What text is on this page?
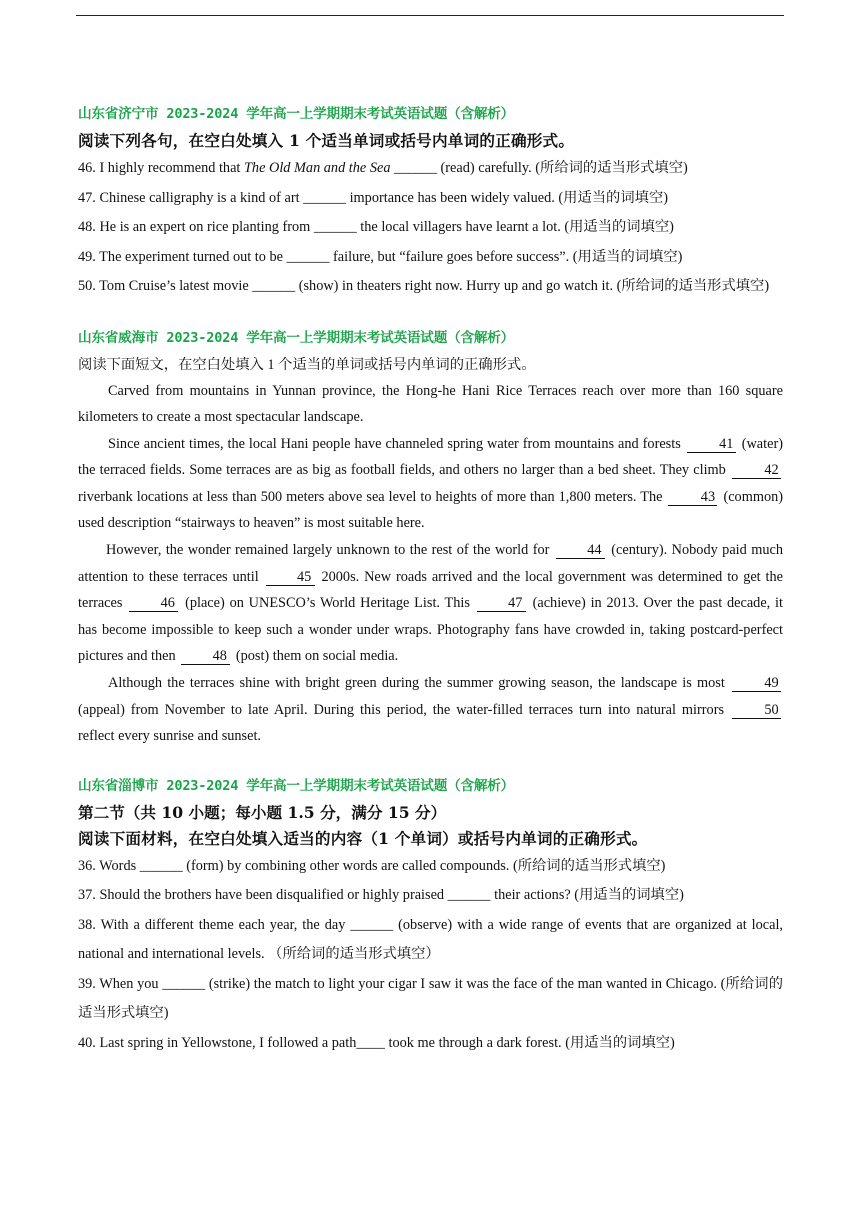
山东省济宁市 2023-2024 学年高一上学期期末考试英语试题（含解析）
阅读下列各句，在空白处填入 1 个适当单词或括号内单词的正确形式。
46. I highly recommend that The Old Man and the Sea ______ (read) carefully. (所给词的适当形式填空)
47. Chinese calligraphy is a kind of art ______ importance has been widely valued. (用适当的词填空)
48. He is an expert on rice planting from ______ the local villagers have learnt a lot. (用适当的词填空)
49. The experiment turned out to be ______ failure, but “failure goes before success”. (用适当的词填空)
50. Tom Cruise’s latest movie ______ (show) in theaters right now. Hurry up and go watch it. (所给词的适当形式填空)
山东省威海市 2023-2024 学年高一上学期期末考试英语试题（含解析）
阅读下面短文，在空白处填入 1 个适当的单词或括号内单词的正确形式。
Carved from mountains in Yunnan province, the Hong-he Hani Rice Terraces reach over more than 160 square kilometers to create a most spectacular landscape.
Since ancient times, the local Hani people have channeled spring water from mountains and forests 41 (water) the terraced fields. Some terraces are as big as football fields, and others no larger than a bed sheet. They climb 42 riverbank locations at less than 500 meters above sea level to heights of more than 1,800 meters. The 43 (common) used description “stairways to heaven” is most suitable here.
However, the wonder remained largely unknown to the rest of the world for 44 (century). Nobody paid much attention to these terraces until 45 2000s. New roads arrived and the local government was determined to get the terraces 46 (place) on UNESCO’s World Heritage List. This 47 (achieve) in 2013. Over the past decade, it has become impossible to keep such a wonder under wraps. Photography fans have crowded in, taking postcard-perfect pictures and then 48 (post) them on social media.
Although the terraces shine with bright green during the summer growing season, the landscape is most 49 (appeal) from November to late April. During this period, the water-filled terraces turn into natural mirrors 50 reflect every sunrise and sunset.
山东省淄博市 2023-2024 学年高一上学期期末考试英语试题（含解析）
第二节（共 10 小题；每小题 1.5 分，满分 15 分）
阅读下面材料，在空白处填入适当的内容（1 个单词）或括号内单词的正确形式。
36. Words ______ (form) by combining other words are called compounds. (所给词的适当形式填空)
37. Should the brothers have been disqualified or highly praised ______ their actions? (用适当的词填空)
38. With a different theme each year, the day ______ (observe) with a wide range of events that are organized at local, national and international levels. （所给词的适当形式填空）
39. When you ______ (strike) the match to light your cigar I saw it was the face of the man wanted in Chicago. (所给词的适当形式填空)
40. Last spring in Yellowstone, I followed a path____ took me through a dark forest. (用适当的词填空)
